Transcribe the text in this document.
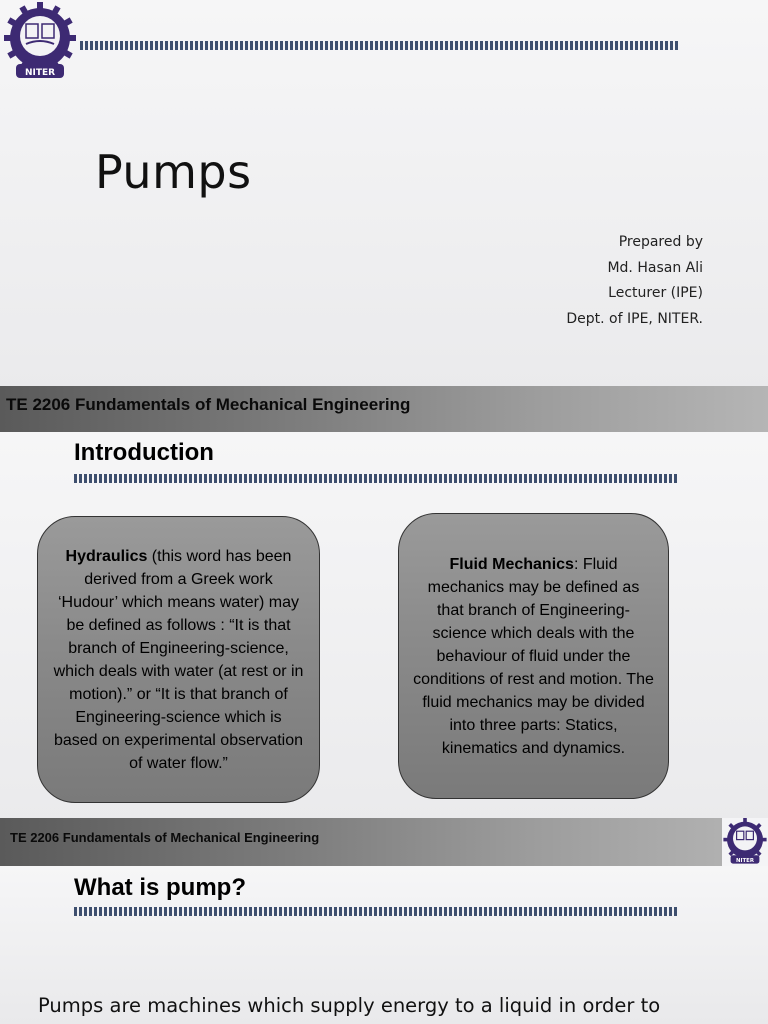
NITER
Pumps
Prepared by
Md. Hasan Ali
Lecturer (IPE)
Dept. of IPE, NITER.
TE 2206 Fundamentals of Mechanical Engineering
Introduction
Hydraulics (this word has been derived from a Greek work ‘Hudour’ which means water) may be defined as follows : “It is that branch of Engineering-science, which deals with water (at rest or in motion).” or “It is that branch of Engineering-science which is based on experimental observation of water flow.”
Fluid Mechanics: Fluid mechanics may be defined as that branch of Engineering-science which deals with the behaviour of fluid under the conditions of rest and motion. The fluid mechanics may be divided into three parts: Statics, kinematics and dynamics.
TE 2206 Fundamentals of Mechanical Engineering
NITER
What is pump?
Pumps are machines which supply energy to a liquid in order to
